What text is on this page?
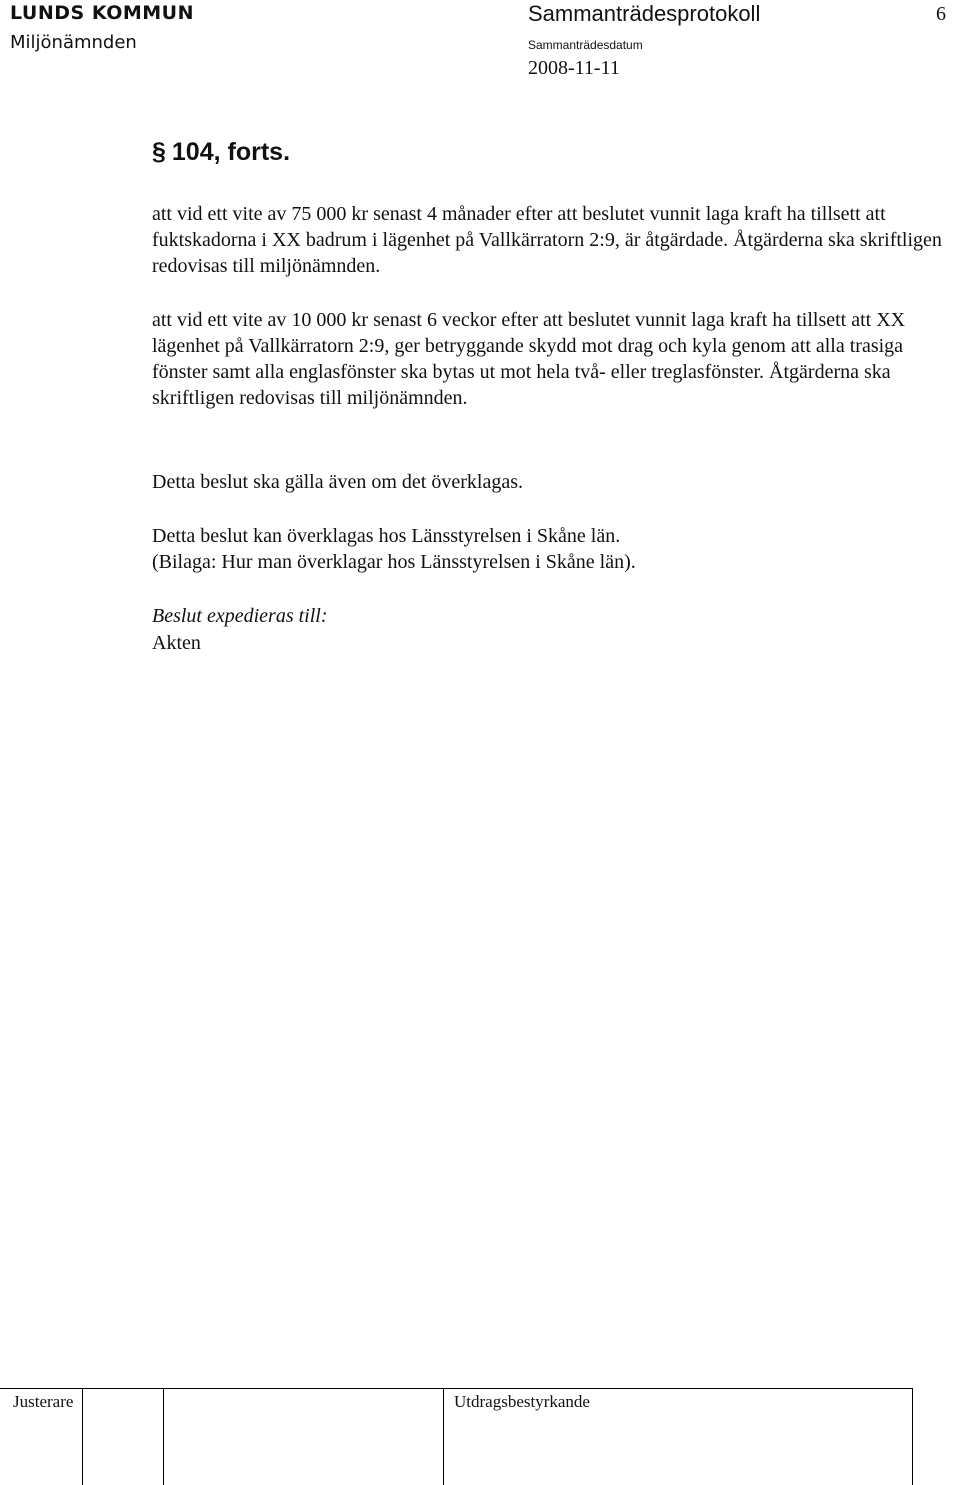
LUNDS KOMMUN
Miljönämnden
Sammanträdesprotokoll	6
Sammanträdesdatum
2008-11-11
§ 104, forts.

att vid ett vite av 75 000 kr senast 4 månader efter att beslutet vunnit laga kraft ha tillsett att fuktskadorna i XX badrum i lägenhet på Vallkärratorn 2:9, är åtgärdade. Åtgärderna ska skriftligen redovisas till miljönämnden.

att vid ett vite av 10 000 kr senast 6 veckor efter att beslutet vunnit laga kraft ha tillsett att XX lägenhet på Vallkärratorn 2:9, ger betryggande skydd mot drag och kyla genom att alla trasiga fönster samt alla englasfönster ska bytas ut mot hela två- eller treglasfönster. Åtgärderna ska skriftligen redovisas till miljönämnden.

Detta beslut ska gälla även om det överklagas.

Detta beslut kan överklagas hos Länsstyrelsen i Skåne län.

(Bilaga: Hur man överklagar hos Länsstyrelsen i Skåne län).

Beslut expedieras till:
Akten
Justerare	Utdragsbestyrkande
